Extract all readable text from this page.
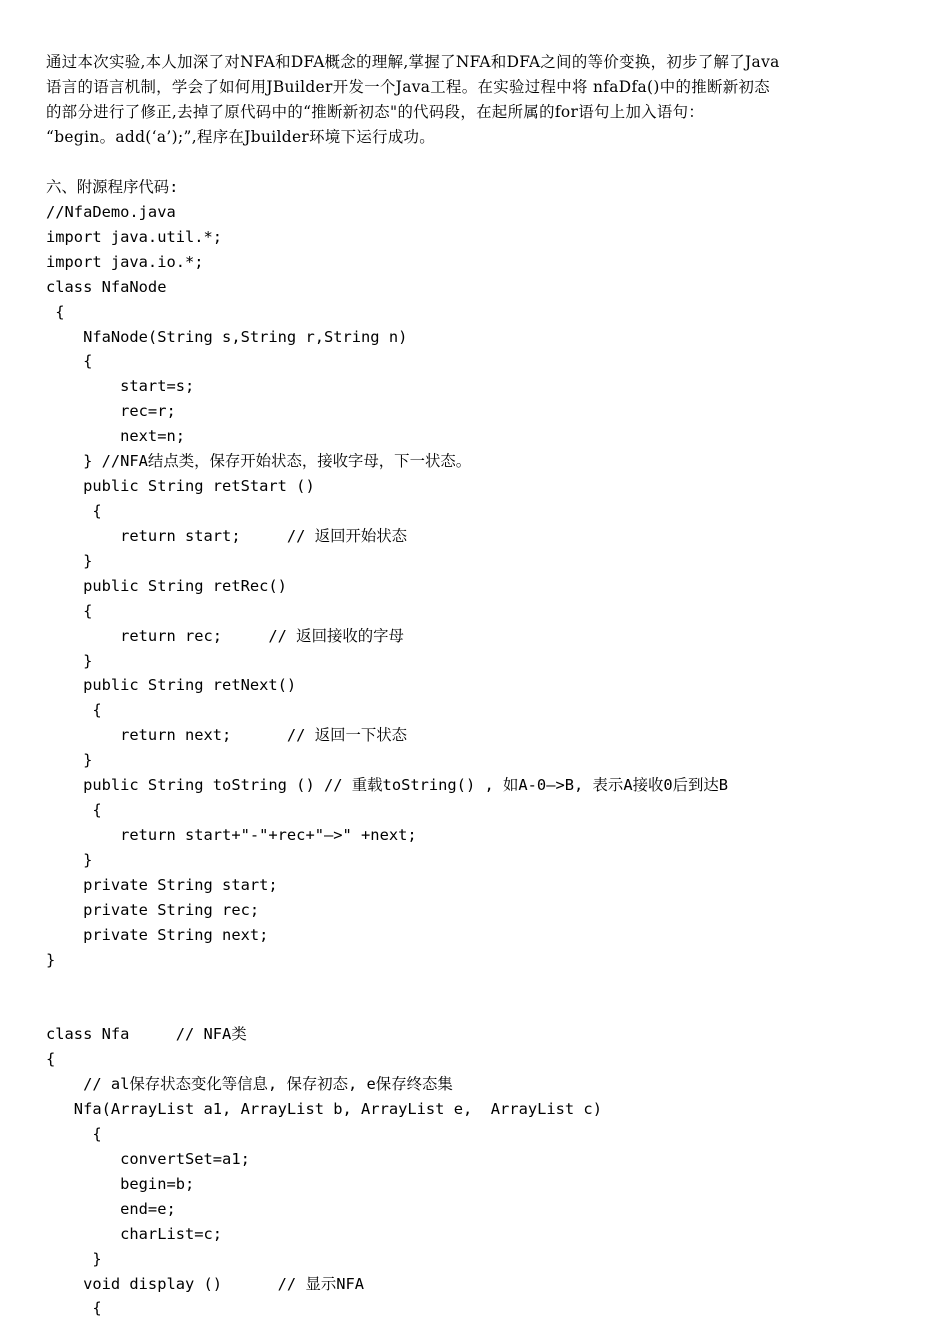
通过本次实验,本人加深了对NFA和DFA概念的理解,掌握了NFA和DFA之间的等价变换，初步了解了Java
语言的语言机制，学会了如何用JBuilder开发一个Java工程。在实验过程中将 nfaDfa()中的推断新初态
的部分进行了修正,去掉了原代码中的“推断新初态"的代码段，在起所属的for语句上加入语句：
“begin。add(‘a’);”,程序在Jbuilder环境下运行成功。
六、附源程序代码:
//NfaDemo.java
import java.util.*;
import java.io.*;
class NfaNode
{
NfaNode(String s,String r,String n)
{
start=s;
rec=r;
next=n;
} //NFA结点类，保存开始状态，接收字母，下一状态。
public String retStart ()
{
return start;     // 返回开始状态
}
public String retRec()
{
return rec;     // 返回接收的字母
}
public String retNext()
{
return next;      // 返回一下状态
}
public String toString () // 重载toString() , 如A-0—>B, 表示A接收0后到达B
{
return start+"-"+rec+"—>" +next;
}
private String start;
private String rec;
private String next;
}
class Nfa     // NFA类
{
// al保存状态变化等信息, 保存初态, e保存终态集
Nfa(ArrayList a1, ArrayList b, ArrayList e,  ArrayList c)
{
convertSet=a1;
begin=b;
end=e;
charList=c;
}
void display ()      // 显示NFA
{
